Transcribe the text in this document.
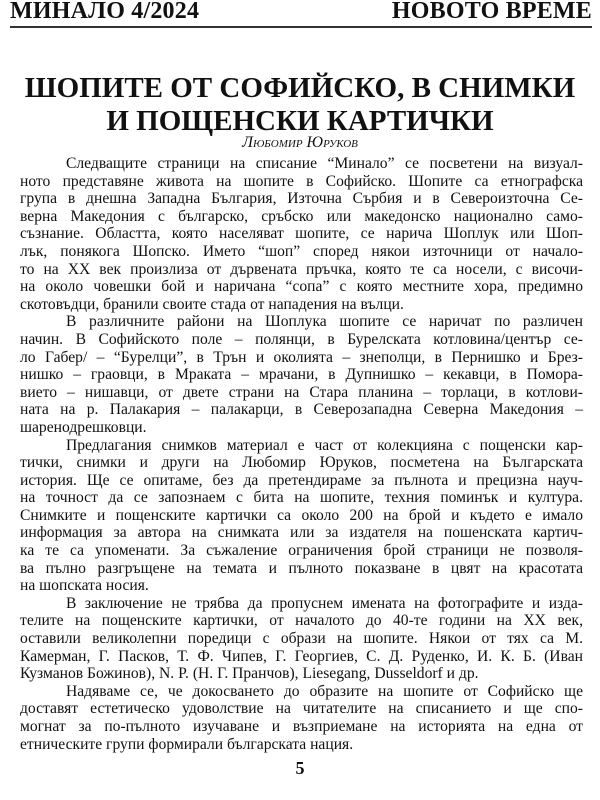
МИНАЛО 4/2024	НОВОТО ВРЕМЕ
ШОПИТЕ ОТ СОФИЙСКО, В СНИМКИ
И ПОЩЕНСКИ КАРТИЧКИ
Любомир Юруков
Следващите страници на списание “Минало” се посветени на визуал-
ното представяне живота на шопите в Софийско. Шопите са етнографска
група в днешна Западна България, Източна Сърбия и в Североизточна Се-
верна Македония с българско, сръбско или македонско национално само-
съзнание. Областта, която населяват шопите, се нарича Шоплук или Шоп-
лък, понякога Шопско. Името “шоп” според някои източници от начало-
то на XX век произлиза от дървената пръчка, която те са носели, с височи-
на около човешки бой и наричана “сопа” с която местните хора, предимно
скотовъдци, бранили своите стада от нападения на вълци.
В различните райони на Шоплука шопите се наричат по различен
начин. В Софийското поле – полянци, в Бурелската котловина/център се-
ло Габер/ – “Бурелци”, в Трън и околията – знеполци, в Пернишко и Брез-
нишко – граовци, в Мраката – мрачани, в Дупнишко – кекавци, в Помора-
вието – нишавци, от двете страни на Стара планина – торлаци, в котлови-
ната на р. Палакария – палакарци, в Северозападна Северна Македония –
шаренодрешковци.
Предлагания снимков материал е част от колекцияна с пощенски кар-
тички, снимки и други на Любомир Юруков, посметена на Българската
история. Ще се опитаме, без да претендираме за пълнота и прецизна науч-
на точност да се запознаем с бита на шопите, техния поминък и култура.
Снимките и пощенските картички са около 200 на брой и където е имало
информация за автора на снимката или за издателя на пошенската картич-
ка те са упоменати. За съжаление ограничения брой страници не позволя-
ва пълно разгръщене на темата и пълното показване в цвят на красотата
на шопската носия.
В заключение не трябва да пропуснем имената на фотографите и изда-
телите на пощенските картички, от началото до 40-те години на XX век,
оставили великолепни поредици с образи на шопите. Някои от тях са М.
Камерман, Г. Пасков, Т. Ф. Чипев, Г. Георгиев, С. Д. Руденко, И. К. Б. (Иван
Кузманов Божинов), N. P. (Н. Г. Пранчов), Liesegang, Dusseldorf и др.
Надяваме се, че докосването до образите на шопите от Софийско ще
доставят естетическо удоволствие на читателите на списанието и ще спо-
могнат за по-пълното изучаване и възприемане на историята на една от
етническите групи формирали българската нация.
5
